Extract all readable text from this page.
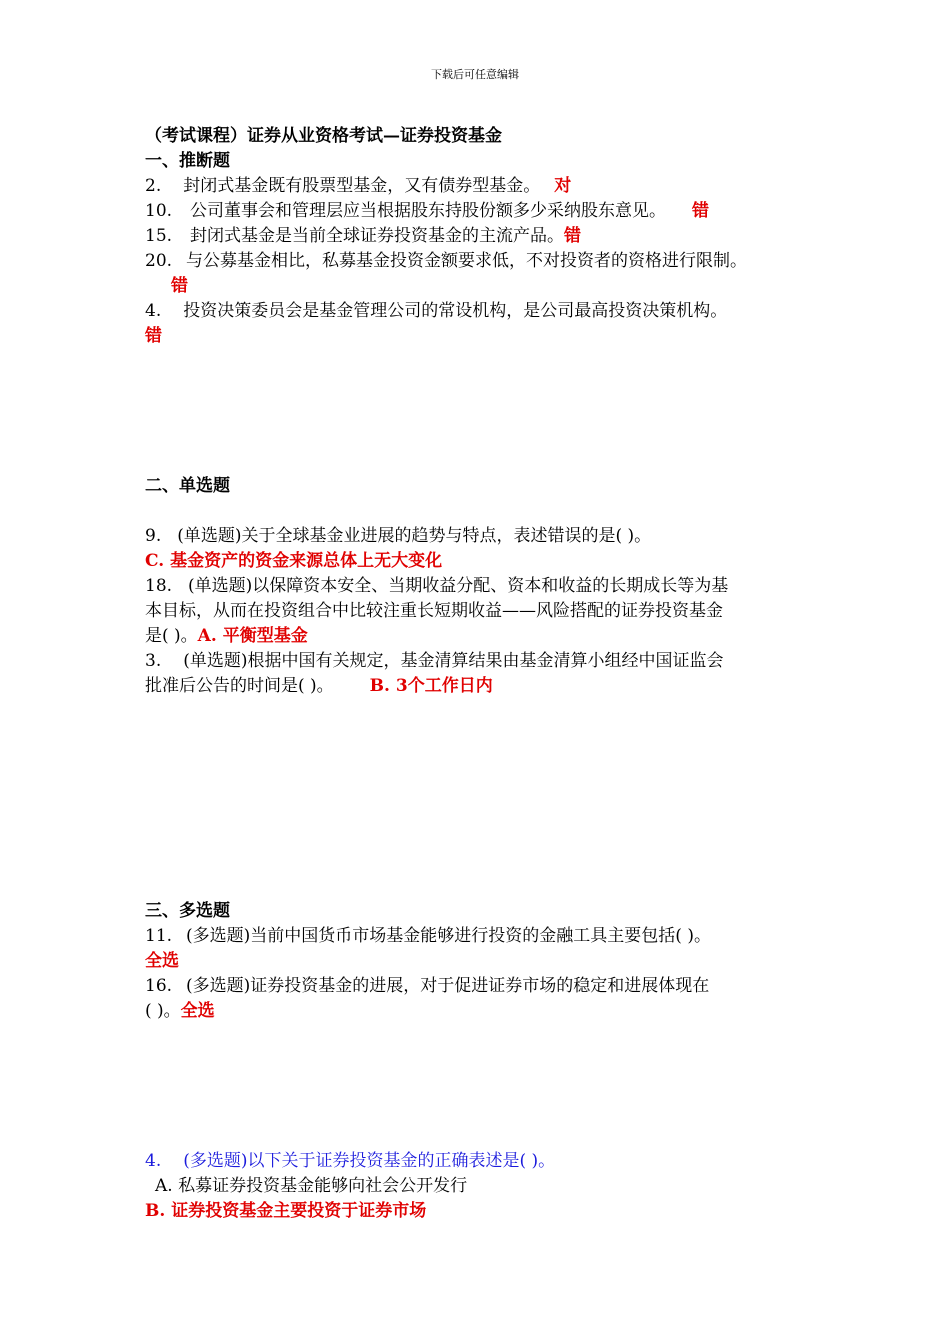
下载后可任意编辑

（考试课程）证券从业资格考试—证券投资基金

一、推断题

2. 封闭式基金既有股票型基金，又有债券型基金。 对

10. 公司董事会和管理层应当根据股东持股份额多少采纳股东意见。 错

15. 封闭式基金是当前全球证券投资基金的主流产品。错

20. 与公募基金相比，私募基金投资金额要求低，不对投资者的资格进行限制。

错

4. 投资决策委员会是基金管理公司的常设机构，是公司最高投资决策机构。

错

二、单选题

9. (单选题)关于全球基金业进展的趋势与特点，表述错误的是( )。

C. 基金资产的资金来源总体上无大变化

18. (单选题)以保障资本安全、当期收益分配、资本和收益的长期成长等为基

本目标，从而在投资组合中比较注重长短期收益——风险搭配的证券投资基金

是( )。A. 平衡型基金

3. (单选题)根据中国有关规定，基金清算结果由基金清算小组经中国证监会

批准后公告的时间是( )。 B. 3个工作日内

三、多选题

11. (多选题)当前中国货币市场基金能够进行投资的金融工具主要包括( )。

全选

16. (多选题)证券投资基金的进展，对于促进证券市场的稳定和进展体现在

( )。全选

4. (多选题)以下关于证券投资基金的正确表述是( )。

A. 私募证券投资基金能够向社会公开发行

B. 证券投资基金主要投资于证券市场
